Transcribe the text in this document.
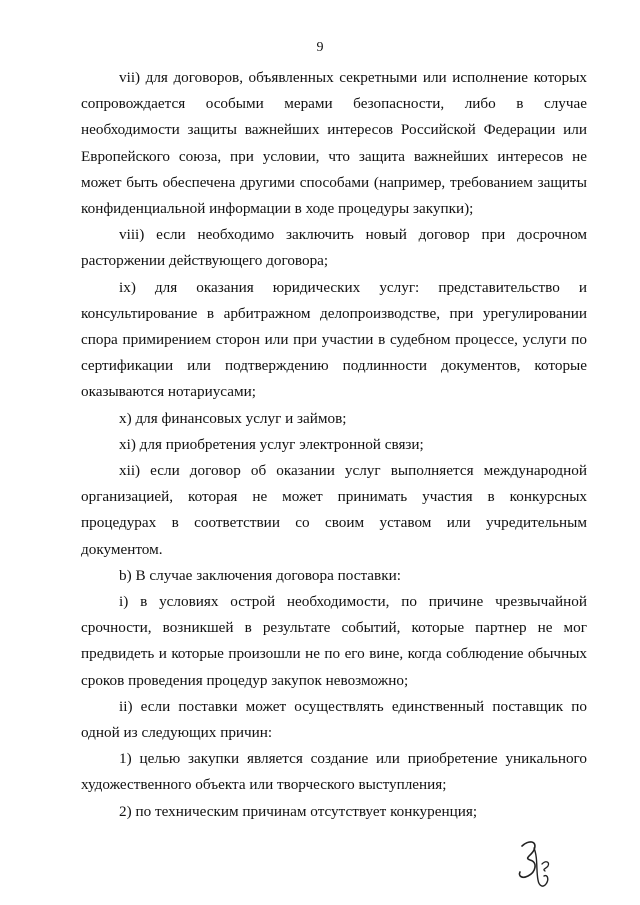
9

vii) для договоров, объявленных секретными или исполнение которых сопровождается особыми мерами безопасности, либо в случае необходимости защиты важнейших интересов Российской Федерации или Европейского союза, при условии, что защита важнейших интересов не может быть обеспечена другими способами (например, требованием защиты конфиденциальной информации в ходе процедуры закупки);

viii) если необходимо заключить новый договор при досрочном расторжении действующего договора;

ix) для оказания юридических услуг: представительство и консультирование в арбитражном делопроизводстве, при урегулировании спора примирением сторон или при участии в судебном процессе, услуги по сертификации или подтверждению подлинности документов, которые оказываются нотариусами;

x) для финансовых услуг и займов;

xi) для приобретения услуг электронной связи;

xii) если договор об оказании услуг выполняется международной организацией, которая не может принимать участия в конкурсных процедурах в соответствии со своим уставом или учредительным документом.

b) В случае заключения договора поставки:

i) в условиях острой необходимости, по причине чрезвычайной срочности, возникшей в результате событий, которые партнер не мог предвидеть и которые произошли не по его вине, когда соблюдение обычных сроков проведения процедур закупок невозможно;

ii) если поставки может осуществлять единственный поставщик по одной из следующих причин:

1) целью закупки является создание или приобретение уникального художественного объекта или творческого выступления;

2) по техническим причинам отсутствует конкуренция;
